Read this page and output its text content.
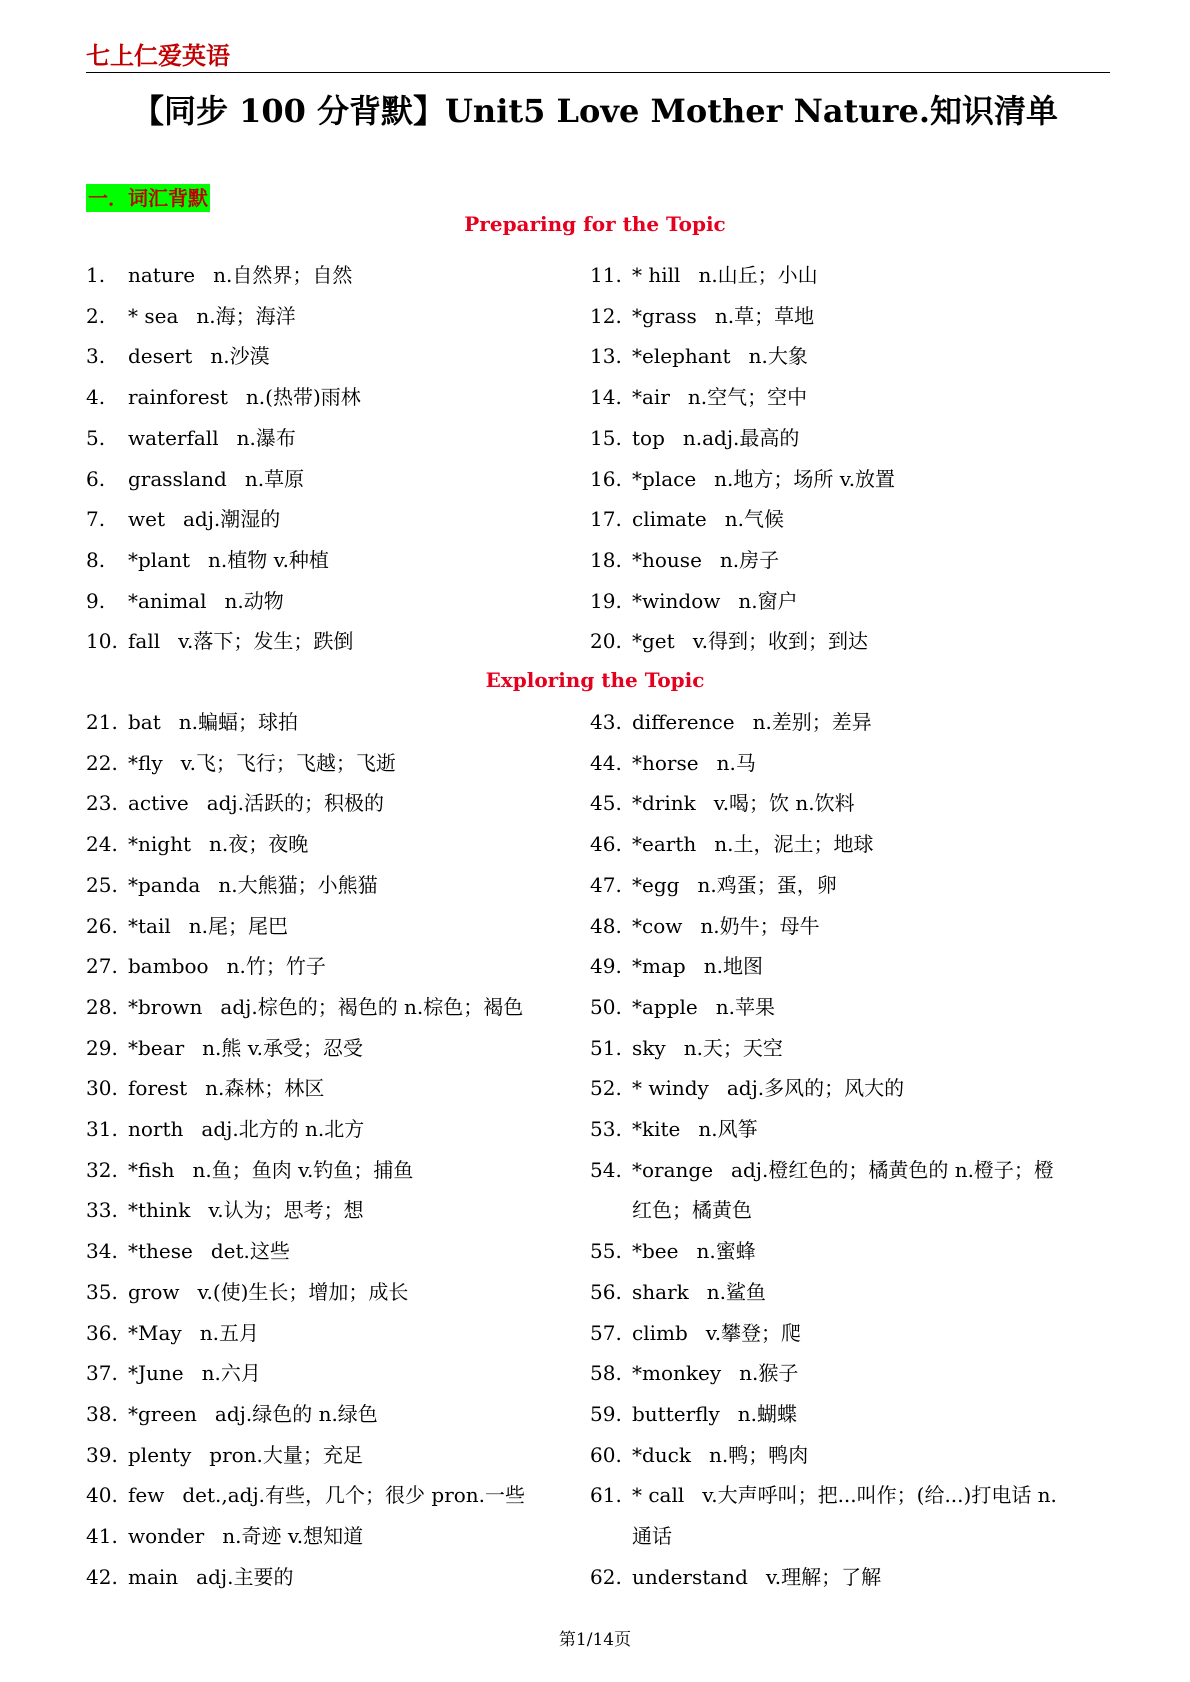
七上仁爱英语
【同步 100 分背默】Unit5 Love Mother Nature.知识清单
一．词汇背默
Preparing for the Topic
1.	nature n.自然界；自然
2.	* sea n.海；海洋
3.	desert n.沙漠
4.	rainforest n.(热带)雨林
5.	waterfall n.瀑布
6.	grassland n.草原
7.	wet adj.潮湿的
8.	*plant n.植物 v.种植
9.	*animal n.动物
10. fall v.落下；发生；跌倒
11. * hill n.山丘；小山
12. *grass n.草；草地
13. *elephant n.大象
14. *air n.空气；空中
15. top n.adj.最高的
16. *place n.地方；场所 v.放置
17. climate n.气候
18. *house n.房子
19. *window n.窗户
20. *get v.得到；收到；到达
Exploring the Topic
21. bat n.蝙蝠；球拍
22. *fly v.飞；飞行；飞越；飞逝
23. active adj.活跃的；积极的
24. *night n.夜；夜晚
25. *panda n.大熊猫；小熊猫
26. *tail n.尾；尾巴
27. bamboo n.竹；竹子
28. *brown adj.棕色的；褐色的 n.棕色；褐色
29. *bear n.熊 v.承受；忍受
30. forest n.森林；林区
31. north adj.北方的 n.北方
32. *fish n.鱼；鱼肉 v.钓鱼；捕鱼
33. *think v.认为；思考；想
34. *these det.这些
35. grow v.(使)生长；增加；成长
36. *May n.五月
37. *June n.六月
38. *green adj.绿色的 n.绿色
39. plenty pron.大量；充足
40. few det.,adj.有些，几个；很少 pron.一些
41. wonder n.奇迹 v.想知道
42. main adj.主要的
43. difference n.差别；差异
44. *horse n.马
45. *drink v.喝；饮 n.饮料
46. *earth n.土，泥土；地球
47. *egg n.鸡蛋；蛋，卵
48. *cow n.奶牛；母牛
49. *map n.地图
50. *apple n.苹果
51. sky n.天；天空
52. * windy adj.多风的；风大的
53. *kite n.风筝
54. *orange adj.橙红色的；橘黄色的 n.橙子；橙
红色；橘黄色
55. *bee n.蜜蜂
56. shark n.鲨鱼
57. climb v.攀登；爬
58. *monkey n.猴子
59. butterfly n.蝴蝶
60. *duck n.鸭；鸭肉
61. * call v.大声呼叫；把...叫作；(给...)打电话 n.
通话
62. understand v.理解；了解
第1/14页
